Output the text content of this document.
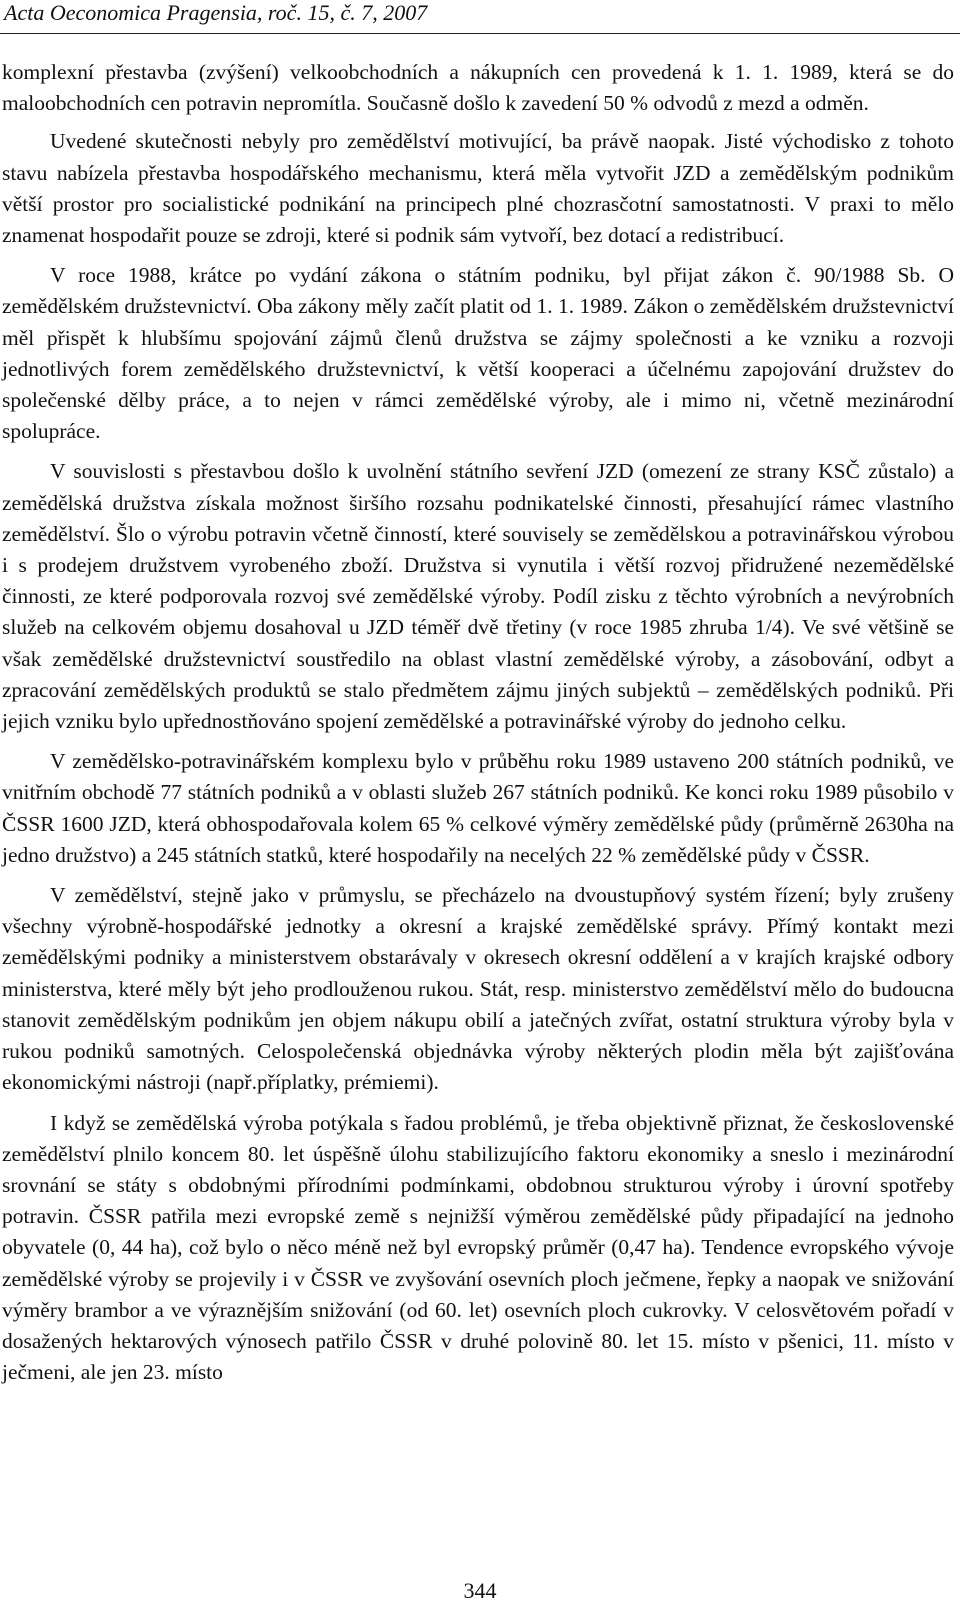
Acta Oeconomica Pragensia, roč. 15, č. 7, 2007

komplexní přestavba (zvýšení) velkoobchodních a nákupních cen provedená k 1. 1. 1989, která se do maloobchodních cen potravin nepromítla. Současně došlo k zavedení 50 % odvodů z mezd a odměn.

Uvedené skutečnosti nebyly pro zemědělství motivující, ba právě naopak. Jisté východisko z tohoto stavu nabízela přestavba hospodářského mechanismu, která měla vytvořit JZD a zemědělským podnikům větší prostor pro socialistické podnikání na principech plné chozrasčotní samostatnosti. V praxi to mělo znamenat hospodařit pouze se zdroji, které si podnik sám vytvoří, bez dotací a redistribucí.

V roce 1988, krátce po vydání zákona o státním podniku, byl přijat zákon č. 90/1988 Sb. O zemědělském družstevnictví. Oba zákony měly začít platit od 1. 1. 1989. Zákon o zemědělském družstevnictví měl přispět k hlubšímu spojování zájmů členů družstva se zájmy společnosti a ke vzniku a rozvoji jednotlivých forem zemědělského družstevnictví, k větší kooperaci a účelnému zapojování družstev do společenské dělby práce, a to nejen v rámci zemědělské výroby, ale i mimo ni, včetně mezinárodní spolupráce.

V souvislosti s přestavbou došlo k uvolnění státního sevření JZD (omezení ze strany KSČ zůstalo) a zemědělská družstva získala možnost širšího rozsahu podnikatelské činnosti, přesahující rámec vlastního zemědělství. Šlo o výrobu potravin včetně činností, které souvisely se zemědělskou a potravinářskou výrobou i s prodejem družstvem vyrobeného zboží. Družstva si vynutila i větší rozvoj přidružené nezemědělské činnosti, ze které podporovala rozvoj své zemědělské výroby. Podíl zisku z těchto výrobních a nevýrobních služeb na celkovém objemu dosahoval u JZD téměř dvě třetiny (v roce 1985 zhruba 1/4). Ve své většině se však zemědělské družstevnictví soustředilo na oblast vlastní zemědělské výroby, a zásobování, odbyt a zpracování zemědělských produktů se stalo předmětem zájmu jiných subjektů – zemědělských podniků. Při jejich vzniku bylo upřednostňováno spojení zemědělské a potravinářské výroby do jednoho celku.

V zemědělsko-potravinářském komplexu bylo v průběhu roku 1989 ustaveno 200 státních podniků, ve vnitřním obchodě 77 státních podniků a v oblasti služeb 267 státních podniků. Ke konci roku 1989 působilo v ČSSR 1600 JZD, která obhospodařovala kolem 65 % celkové výměry zemědělské půdy (průměrně 2630ha na jedno družstvo) a 245 státních statků, které hospodařily na necelých 22 % zemědělské půdy v ČSSR.

V zemědělství, stejně jako v průmyslu, se přecházelo na dvoustupňový systém řízení; byly zrušeny všechny výrobně-hospodářské jednotky a okresní a krajské zemědělské správy. Přímý kontakt mezi zemědělskými podniky a ministerstvem obstarávaly v okresech okresní oddělení a v krajích krajské odbory ministerstva, které měly být jeho prodlouženou rukou. Stát, resp. ministerstvo zemědělství mělo do budoucna stanovit zemědělským podnikům jen objem nákupu obilí a jatečných zvířat, ostatní struktura výroby byla v rukou podniků samotných. Celospolečenská objednávka výroby některých plodin měla být zajišťována ekonomickými nástroji (např.příplatky, prémiemi).

I když se zemědělská výroba potýkala s řadou problémů, je třeba objektivně přiznat, že československé zemědělství plnilo koncem 80. let úspěšně úlohu stabilizujícího faktoru ekonomiky a sneslo i mezinárodní srovnání se státy s obdobnými přírodními podmínkami, obdobnou strukturou výroby i úrovní spotřeby potravin. ČSSR patřila mezi evropské země s nejnižší výměrou zemědělské půdy připadající na jednoho obyvatele (0, 44 ha), což bylo o něco méně než byl evropský průměr (0,47 ha). Tendence evropského vývoje zemědělské výroby se projevily i v ČSSR ve zvyšování osevních ploch ječmene, řepky a naopak ve snižování výměry brambor a ve výraznějším snižování (od 60. let) osevních ploch cukrovky. V celosvětovém pořadí v dosažených hektarových výnosech patřilo ČSSR v druhé polovině 80. let 15. místo v pšenici, 11. místo v ječmeni, ale jen 23. místo

344
